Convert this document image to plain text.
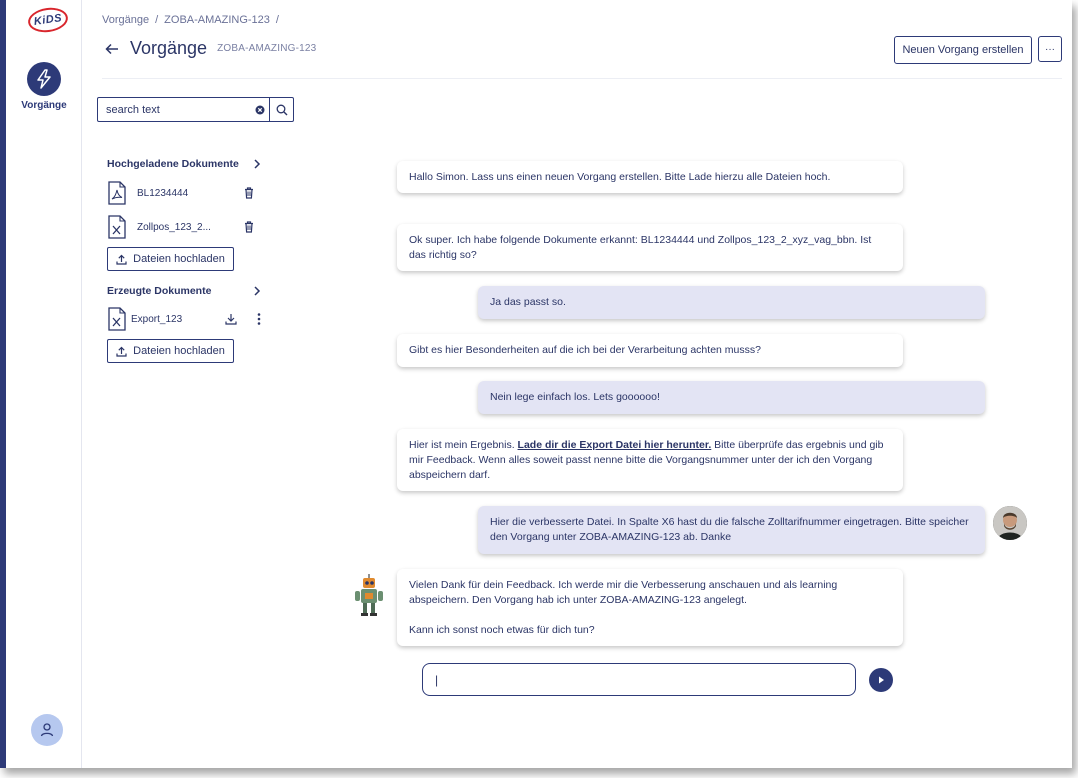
KiDS
Vorgänge
Vorgänge / ZOBA-AMAZING-123 /
Vorgänge ZOBA-AMAZING-123	Neuen Vorgang erstellen	···
search text
Hochgeladene Dokumente
BL1234444
Zollpos_123_2...
Dateien hochladen
Erzeugte Dokumente
Export_123
Dateien hochladen
Hallo Simon. Lass uns einen neuen Vorgang erstellen. Bitte Lade hierzu alle Dateien hoch.
Ok super. Ich habe folgende Dokumente erkannt: BL1234444 und Zollpos_123_2_xyz_vag_bbn. Ist das richtig so?
Ja das passt so.
Gibt es hier Besonderheiten auf die ich bei der Verarbeitung achten musss?
Nein lege einfach los. Lets goooooo!
Hier ist mein Ergebnis. Lade dir die Export Datei hier herunter. Bitte überprüfe das ergebnis und gib mir Feedback. Wenn alles soweit passt nenne bitte die Vorgangsnummer unter der ich den Vorgang abspeichern darf.
Hier die verbesserte Datei. In Spalte X6 hast du die falsche Zolltarifnummer eingetragen. Bitte speicher den Vorgang unter ZOBA-AMAZING-123 ab. Danke
Vielen Dank für dein Feedback. Ich werde mir die Verbesserung anschauen und als learning abspeichern. Den Vorgang hab ich unter ZOBA-AMAZING-123 angelegt.
Kann ich sonst noch etwas für dich tun?
|
